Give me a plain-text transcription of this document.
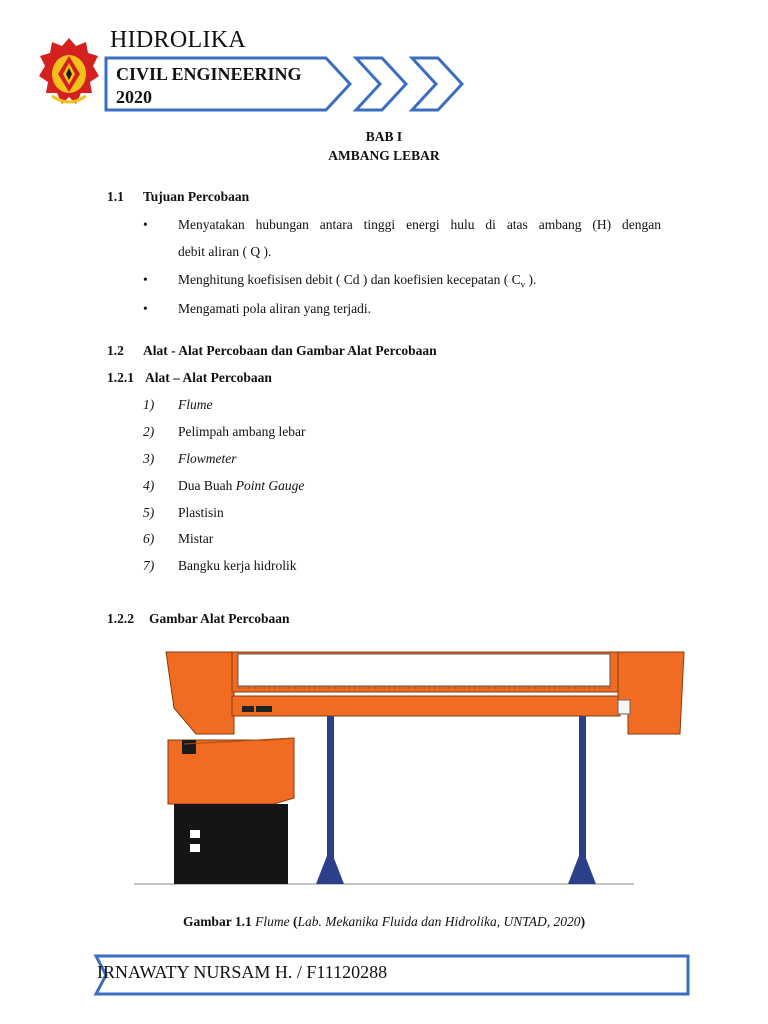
HIDROLIKA
CIVIL ENGINEERING
2020
BAB I
AMBANG LEBAR
1.1 Tujuan Percobaan
• Menyatakan hubungan antara tinggi energi hulu di atas ambang (H) dengan
debit aliran ( Q ).
• Menghitung koefisisen debit ( Cd ) dan koefisien kecepatan ( $C_v$ ).
• Mengamati pola aliran yang terjadi.
1.2 Alat - Alat Percobaan dan Gambar Alat Percobaan
1.2.1 Alat – Alat Percobaan
1) Flume
2) Pelimpah ambang lebar
3) Flowmeter
4) Dua Buah Point Gauge
5) Plastisin
6) Mistar
7) Bangku kerja hidrolik
1.2.2 Gambar Alat Percobaan
Gambar 1.1 Flume (Lab. Mekanika Fluida dan Hidrolika, UNTAD, 2020)
IRNAWATY NURSAM H. / F11120288
